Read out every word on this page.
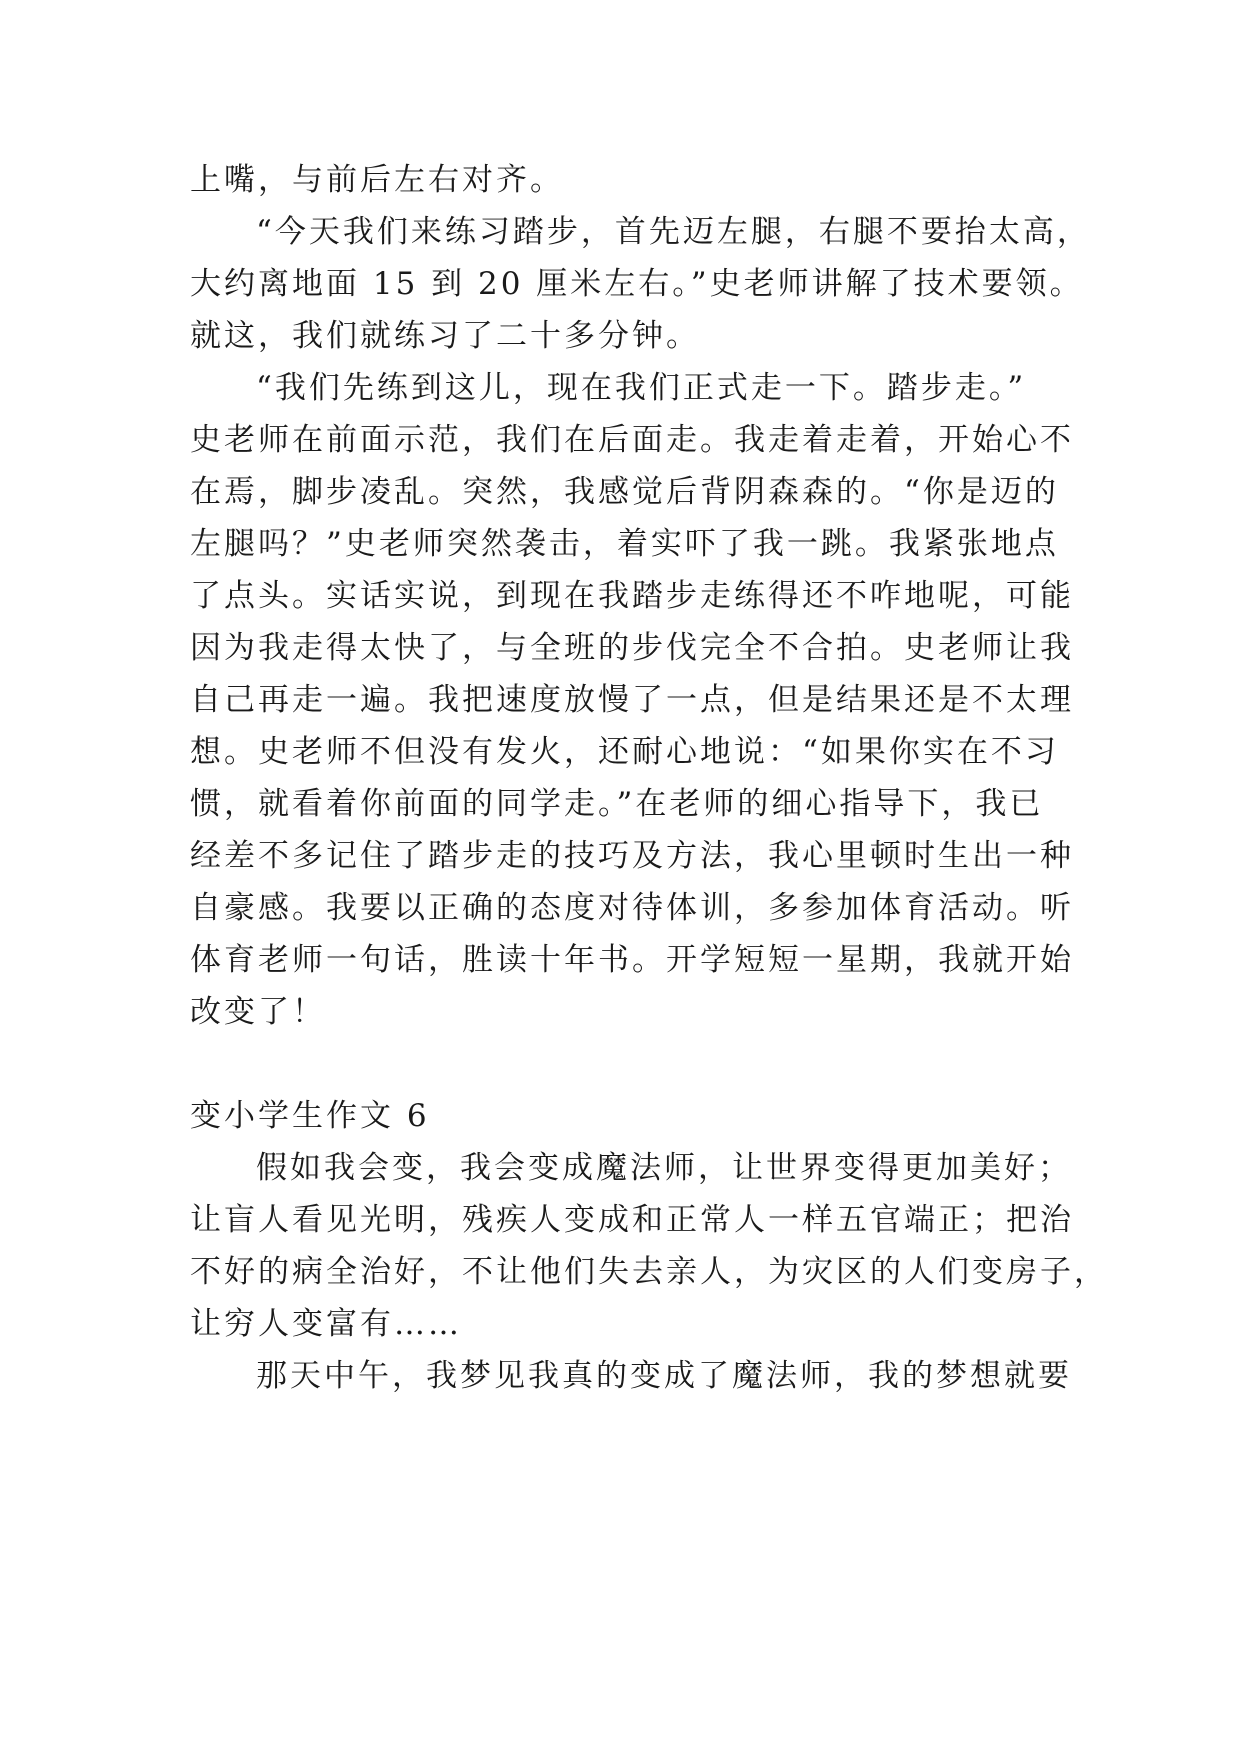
上嘴，与前后左右对齐。
“今天我们来练习踏步，首先迈左腿，右腿不要抬太高，
大约离地面 15 到 20 厘米左右。”史老师讲解了技术要领。
就这，我们就练习了二十多分钟。
“我们先练到这儿，现在我们正式走一下。踏步走。”
史老师在前面示范，我们在后面走。我走着走着，开始心不
在焉，脚步凌乱。突然，我感觉后背阴森森的。“你是迈的
左腿吗？”史老师突然袭击，着实吓了我一跳。我紧张地点
了点头。实话实说，到现在我踏步走练得还不咋地呢，可能
因为我走得太快了，与全班的步伐完全不合拍。史老师让我
自己再走一遍。我把速度放慢了一点，但是结果还是不太理
想。史老师不但没有发火，还耐心地说：“如果你实在不习
惯，就看着你前面的同学走。”在老师的细心指导下，我已
经差不多记住了踏步走的技巧及方法，我心里顿时生出一种
自豪感。我要以正确的态度对待体训，多参加体育活动。听
体育老师一句话，胜读十年书。开学短短一星期，我就开始
改变了！
变小学生作文 6
假如我会变，我会变成魔法师，让世界变得更加美好；
让盲人看见光明，残疾人变成和正常人一样五官端正；把治
不好的病全治好，不让他们失去亲人，为灾区的人们变房子，
让穷人变富有……
那天中午，我梦见我真的变成了魔法师，我的梦想就要
